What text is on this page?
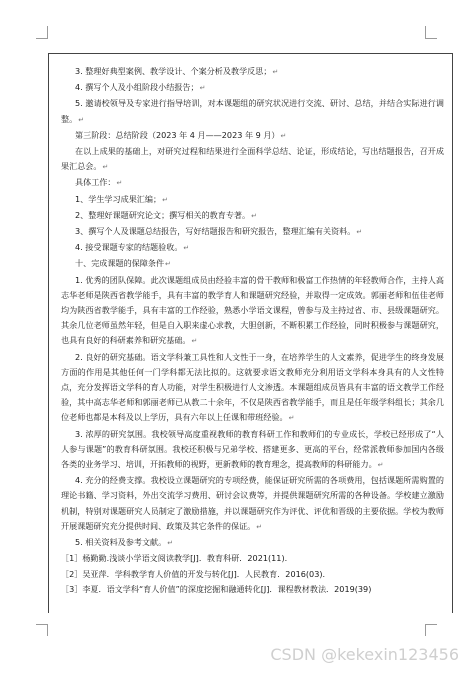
3. 整理好典型案例、教学设计、个案分析及教学反思；↵

4. 撰写个人及小组阶段小结报告；↵

5. 邀请校领导及专家进行指导培训，对本课题组的研究状况进行交流、研讨、总结，并结合实际进行调整。↵

第三阶段：总结阶段（2023 年 4 月——2023 年 9 月）↵

在以上成果的基础上，对研究过程和结果进行全面科学总结、论证，形成结论，写出结题报告，召开成果汇总会。↵

具体工作：↵

1、学生学习成果汇编；↵

2、整理好课题研究论文；撰写相关的教育专著。↵

3、撰写个人及课题总结报告，写好结题报告和研究报告，整理汇编有关资料。↵

4. 接受课题专家的结题验收。↵

十、完成课题的保障条件↵

1. 优秀的团队保障。此次课题组成员由经验丰富的骨干教师和极富工作热情的年轻教师合作，主持人高志华老师是陕西省教学能手，具有丰富的教学育人和课题研究经验，并取得一定成效。郭丽老师和伍佳老师均为陕西省教学能手，具有丰富的工作经验，熟悉小学语文课程，曾参与及主持过省、市、县级课题研究。其余几位老师虽然年轻，但是自入职来虚心求教，大胆创新，不断积累工作经验，同时积极参与课题研究，也具有良好的科研素养和研究基础。↵

2. 良好的研究基础。语文学科兼工具性和人文性于一身，在培养学生的人文素养，促进学生的终身发展方面的作用是其他任何一门学科都无法比拟的。这就要求语文教师充分利用语文学科本身具有的人文性特点，充分发挥语文学科的育人功能，对学生积极进行人文渗透。本课题组成员皆具有丰富的语文教学工作经验，其中高志华老师和郭丽老师已从教二十余年，不仅是陕西省教学能手，而且是任年级学科组长；其余几位老师也都是本科及以上学历，具有六年以上任课和带班经验。↵

3. 浓厚的研究氛围。我校领导高度重视教师的教育科研工作和教师们的专业成长，学校已经形成了“人人参与课题”的教育科研氛围。我校还积极与兄弟学校、搭建更多、更高的平台，经常派教师参加国内各级各类的业务学习、培训，开拓教师的视野，更新教师的教育理念，提高教师的科研能力。↵

4. 充分的经费支撑。我校设立课题研究的专项经费，能保证研究所需的各项费用，包括课题所需购置的理论书籍、学习资料，外出交流学习费用、研讨会议费等，并提供课题研究所需的各种设备。学校建立激励机制，特别对课题研究人员制定了激励措施，并以课题研究作为评优、评优和晋级的主要依据。学校为教师开展课题研究充分提供时间、政策及其它条件的保证。↵

5. 相关资料及参考文献。↵

［1］杨勤勤.浅谈小学语文阅读教学[J]．教育科研．2021(11).

［2］吴亚萍．学科教学育人价值的开发与转化[J]．人民教育．2016(03).

［3］李夏．语文学科“育人价值”的深度挖掘和融通转化[J]．课程教材教法．2019(39)

CSDN @kekexin123456
